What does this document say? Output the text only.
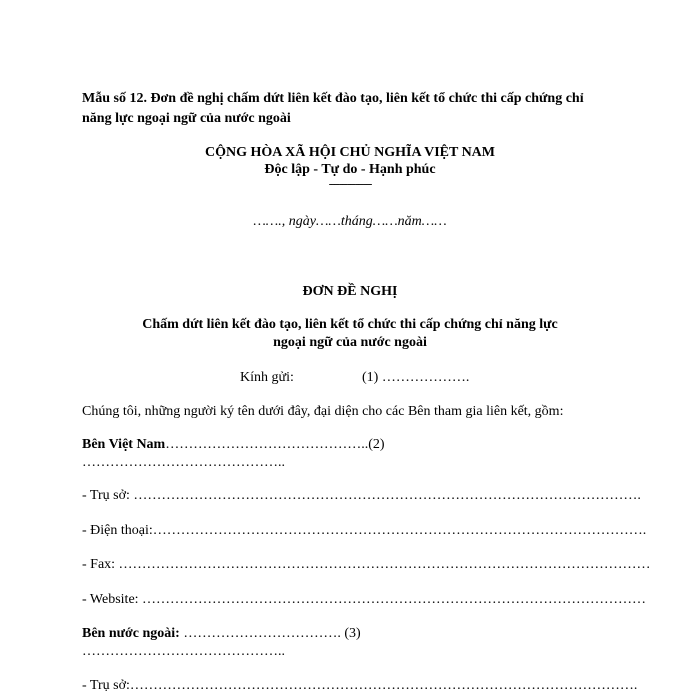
Mẫu số 12. Đơn đề nghị chấm dứt liên kết đào tạo, liên kết tổ chức thi cấp chứng chỉ
năng lực ngoại ngữ của nước ngoài
CỘNG HÒA XÃ HỘI CHỦ NGHĨA VIỆT NAM
Độc lập - Tự do - Hạnh phúc
----------------
……., ngày……tháng……năm……
ĐƠN ĐỀ NGHỊ
Chấm dứt liên kết đào tạo, liên kết tổ chức thi cấp chứng chỉ năng lực
ngoại ngữ của nước ngoài
Kính gửi:	(1) ……………….
Chúng tôi, những người ký tên dưới đây, đại diện cho các Bên tham gia liên kết, gồm:
Bên Việt Nam……………………………………..(2)
……………………………………..
- Trụ sở: ……………………………………………………………………………………………….
- Điện thoại:…………………………………………………………………………………………….
- Fax: ……………………………………………………………………………………………………
- Website: ………………………………………………………………………………………………
Bên nước ngoài: ……………………………. (3)
……………………………………..
- Trụ sở:……………………………………………………………………………………………….
